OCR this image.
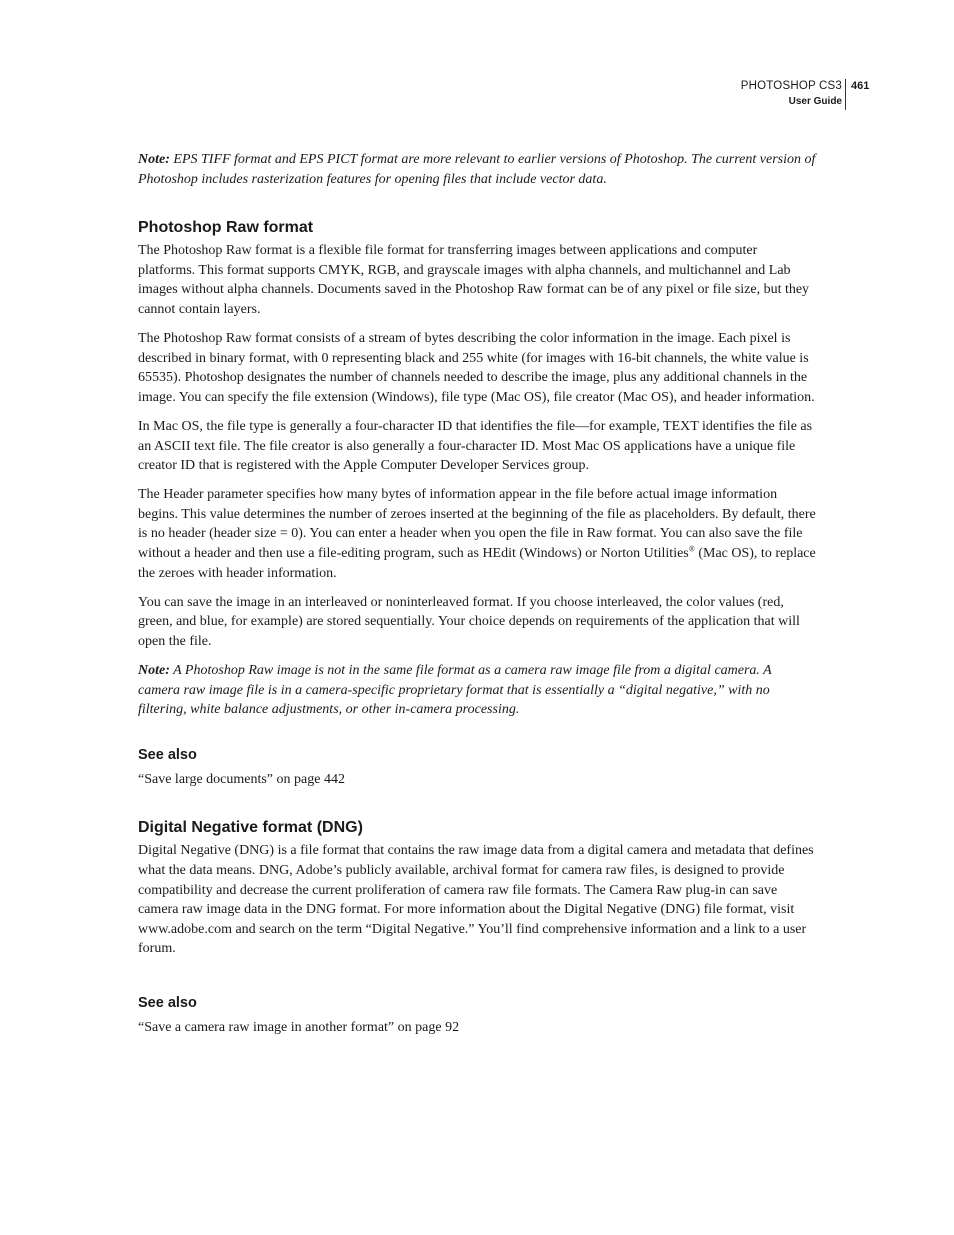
PHOTOSHOP CS3
User Guide
461

Note: EPS TIFF format and EPS PICT format are more relevant to earlier versions of Photoshop. The current version of Photoshop includes rasterization features for opening files that include vector data.

Photoshop Raw format

The Photoshop Raw format is a flexible file format for transferring images between applications and computer platforms. This format supports CMYK, RGB, and grayscale images with alpha channels, and multichannel and Lab images without alpha channels. Documents saved in the Photoshop Raw format can be of any pixel or file size, but they cannot contain layers.

The Photoshop Raw format consists of a stream of bytes describing the color information in the image. Each pixel is described in binary format, with 0 representing black and 255 white (for images with 16-bit channels, the white value is 65535). Photoshop designates the number of channels needed to describe the image, plus any additional channels in the image. You can specify the file extension (Windows), file type (Mac OS), file creator (Mac OS), and header information.

In Mac OS, the file type is generally a four-character ID that identifies the file—for example, TEXT identifies the file as an ASCII text file. The file creator is also generally a four-character ID. Most Mac OS applications have a unique file creator ID that is registered with the Apple Computer Developer Services group.

The Header parameter specifies how many bytes of information appear in the file before actual image information begins. This value determines the number of zeroes inserted at the beginning of the file as placeholders. By default, there is no header (header size = 0). You can enter a header when you open the file in Raw format. You can also save the file without a header and then use a file-editing program, such as HEdit (Windows) or Norton Utilities® (Mac OS), to replace the zeroes with header information.

You can save the image in an interleaved or noninterleaved format. If you choose interleaved, the color values (red, green, and blue, for example) are stored sequentially. Your choice depends on requirements of the application that will open the file.

Note: A Photoshop Raw image is not in the same file format as a camera raw image file from a digital camera. A camera raw image file is in a camera-specific proprietary format that is essentially a “digital negative,” with no filtering, white balance adjustments, or other in-camera processing.

See also

“Save large documents” on page 442

Digital Negative format (DNG)

Digital Negative (DNG) is a file format that contains the raw image data from a digital camera and metadata that defines what the data means. DNG, Adobe’s publicly available, archival format for camera raw files, is designed to provide compatibility and decrease the current proliferation of camera raw file formats. The Camera Raw plug-in can save camera raw image data in the DNG format. For more information about the Digital Negative (DNG) file format, visit www.adobe.com and search on the term “Digital Negative.” You’ll find comprehensive information and a link to a user forum.

See also

“Save a camera raw image in another format” on page 92
